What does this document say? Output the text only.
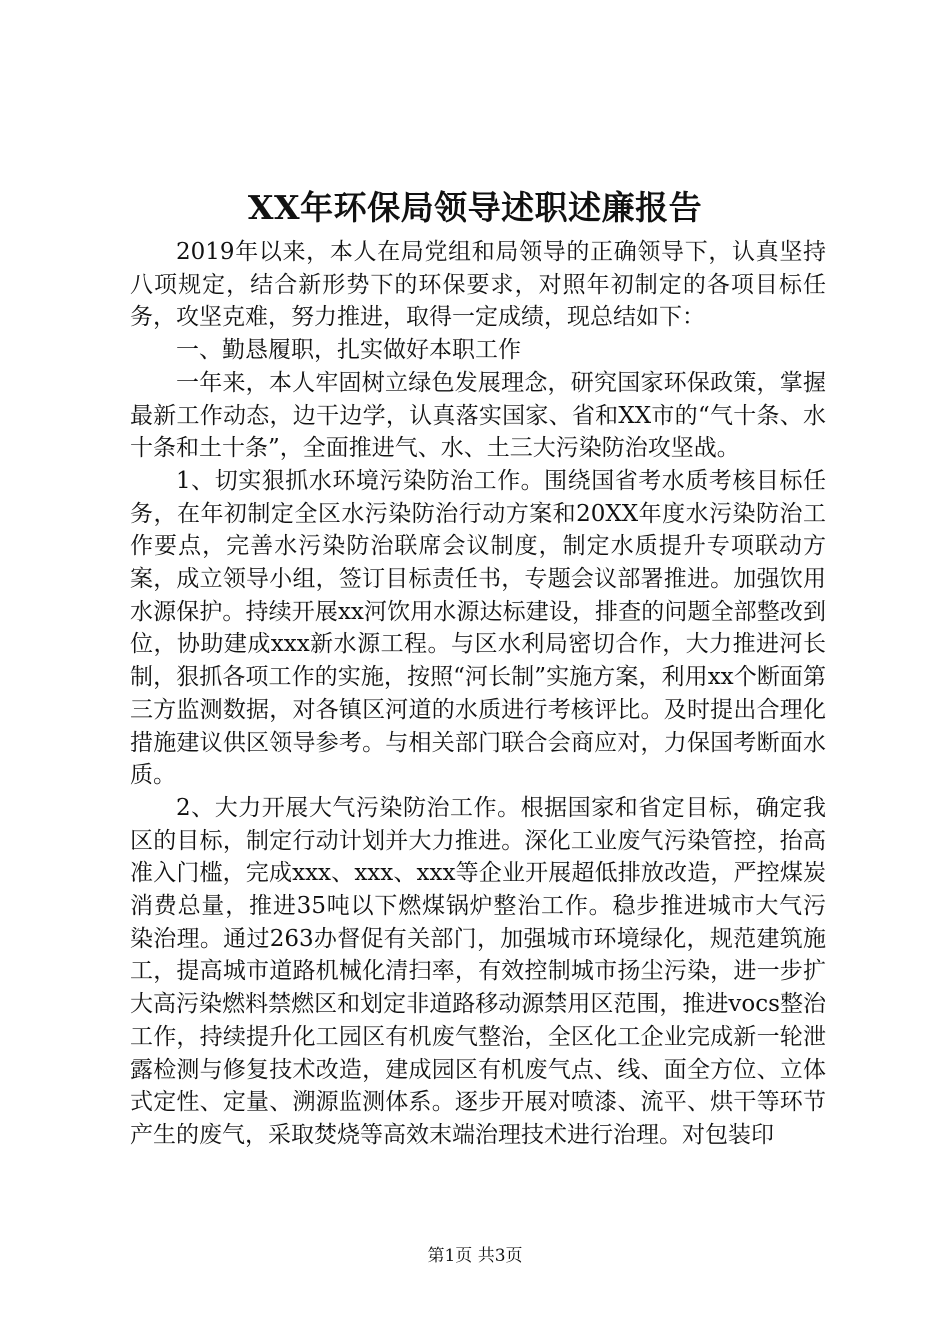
XX年环保局领导述职述廉报告

2019年以来，本人在局党组和局领导的正确领导下，认真坚持八项规定，结合新形势下的环保要求，对照年初制定的各项目标任务，攻坚克难，努力推进，取得一定成绩，现总结如下：

一、勤恳履职，扎实做好本职工作

一年来，本人牢固树立绿色发展理念，研究国家环保政策，掌握最新工作动态，边干边学，认真落实国家、省和XX市的“气十条、水十条和土十条”，全面推进气、水、土三大污染防治攻坚战。

1、切实狠抓水环境污染防治工作。围绕国省考水质考核目标任务，在年初制定全区水污染防治行动方案和20XX年度水污染防治工作要点，完善水污染防治联席会议制度，制定水质提升专项联动方案，成立领导小组，签订目标责任书，专题会议部署推进。加强饮用水源保护。持续开展xx河饮用水源达标建设，排查的问题全部整改到位，协助建成xxx新水源工程。与区水利局密切合作，大力推进河长制，狠抓各项工作的实施，按照“河长制”实施方案，利用xx个断面第三方监测数据，对各镇区河道的水质进行考核评比。及时提出合理化措施建议供区领导参考。与相关部门联合会商应对，力保国考断面水质。

2、大力开展大气污染防治工作。根据国家和省定目标，确定我区的目标，制定行动计划并大力推进。深化工业废气污染管控，抬高准入门槛，完成xxx、xxx、xxx等企业开展超低排放改造，严控煤炭消费总量，推进35吨以下燃煤锅炉整治工作。稳步推进城市大气污染治理。通过263办督促有关部门，加强城市环境绿化，规范建筑施工，提高城市道路机械化清扫率，有效控制城市扬尘污染，进一步扩大高污染燃料禁燃区和划定非道路移动源禁用区范围，推进vocs整治工作，持续提升化工园区有机废气整治，全区化工企业完成新一轮泄露检测与修复技术改造，建成园区有机废气点、线、面全方位、立体式定性、定量、溯源监测体系。逐步开展对喷漆、流平、烘干等环节产生的废气，采取焚烧等高效末端治理技术进行治理。对包装印

第1页 共3页
